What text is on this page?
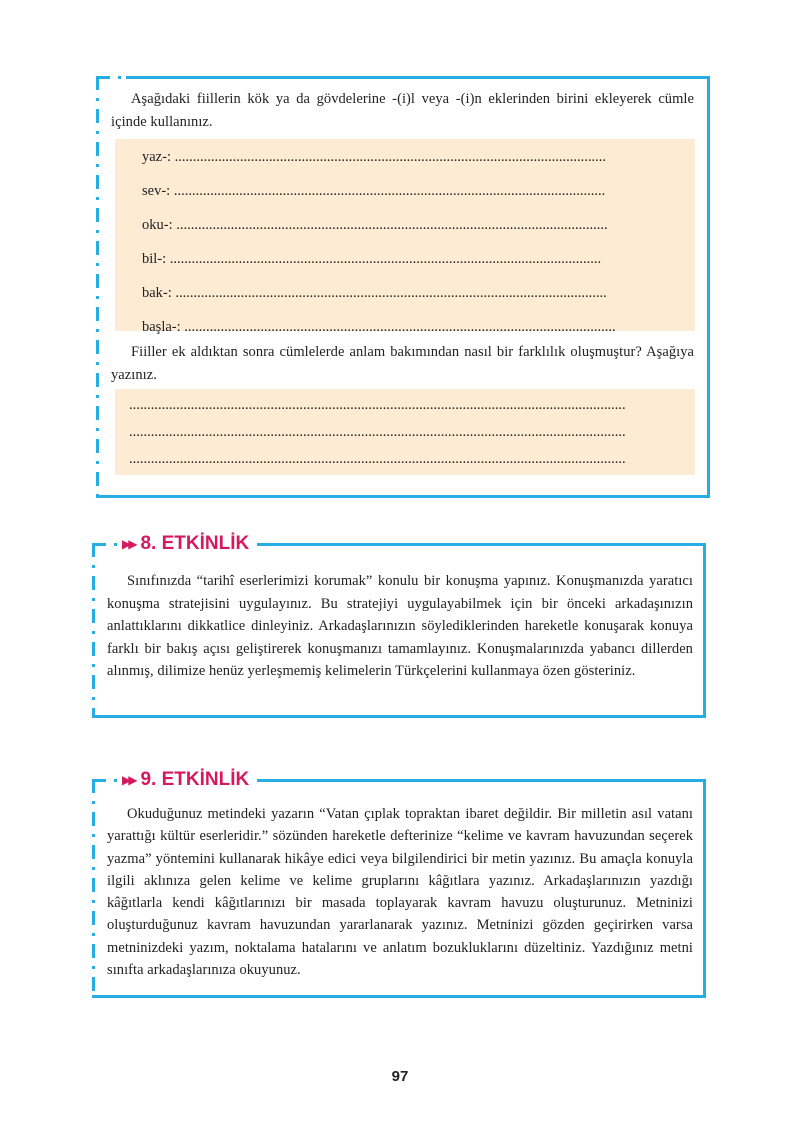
Aşağıdaki fiillerin kök ya da gövdelerine -(i)l veya -(i)n eklerinden birini ekleyerek cümle içinde kullanınız.

yaz-: .......................................................................................................................
sev-: .......................................................................................................................
oku-: .......................................................................................................................
bil-: .......................................................................................................................
bak-: .......................................................................................................................
başla-: .......................................................................................................................

Fiiller ek aldıktan sonra cümlelerde anlam bakımından nasıl bir farklılık oluşmuştur? Aşağıya yazınız.

.........................................................................................................................................
.........................................................................................................................................
.........................................................................................................................................
▶▶ 8. ETKİNLİK

Sınıfınızda “tarihî eserlerimizi korumak” konulu bir konuşma yapınız. Konuşmanızda yaratıcı konuşma stratejisini uygulayınız. Bu stratejiyi uygulayabilmek için bir önceki arkadaşınızın anlattıklarını dikkatlice dinleyiniz. Arkadaşlarınızın söylediklerinden hareketle konuşarak konuya farklı bir bakış açısı geliştirerek konuşmanızı tamamlayınız. Konuşmalarınızda yabancı dillerden alınmış, dilimize henüz yerleşmemiş kelimelerin Türkçelerini kullanmaya özen gösteriniz.

▶▶ 9. ETKİNLİK

Okuduğunuz metindeki yazarın “Vatan çıplak topraktan ibaret değildir. Bir milletin asıl vatanı yarattığı kültür eserleridir.” sözünden hareketle defterinize “kelime ve kavram havuzundan seçerek yazma” yöntemini kullanarak hikâye edici veya bilgilendirici bir metin yazınız. Bu amaçla konuyla ilgili aklınıza gelen kelime ve kelime gruplarını kâğıtlara yazınız. Arkadaşlarınızın yazdığı kâğıtlarla kendi kâğıtlarınızı bir masada toplayarak kavram havuzu oluşturunuz. Metninizi oluşturduğunuz kavram havuzundan yararlanarak yazınız. Metninizi gözden geçirirken varsa metninizdeki yazım, noktalama hatalarını ve anlatım bozukluklarını düzeltiniz. Yazdığınız metni sınıfta arkadaşlarınıza okuyunuz.

97
